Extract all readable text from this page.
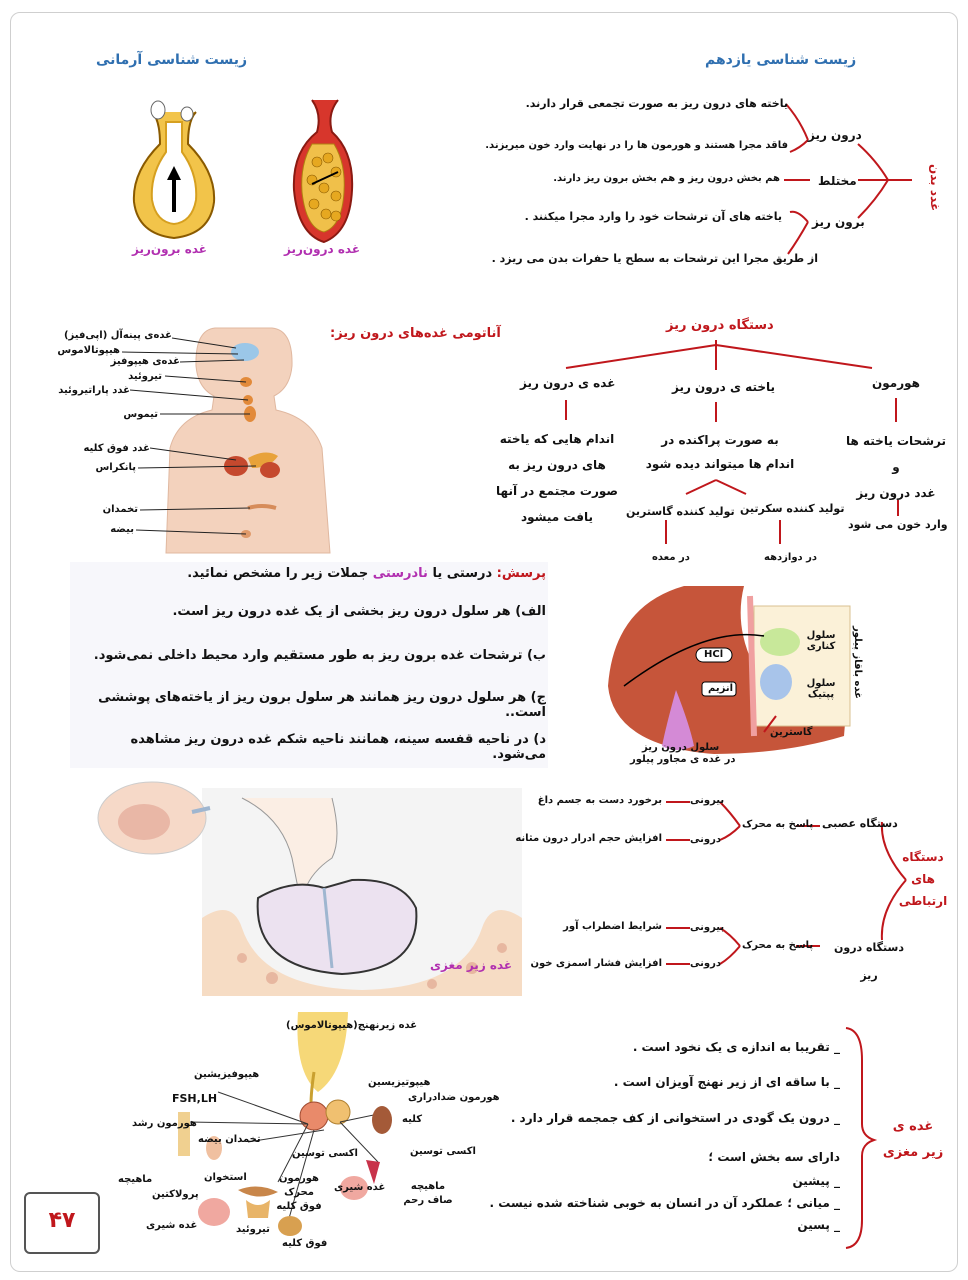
زیست شناسی یازدهم
زیست شناسی آرمانی
غده درون‌ریز
غده برون‌ریز
غدد بدن
درون ریز
مختلط
برون ریز
یاخته های درون ریز به صورت تجمعی قرار دارند.
فاقد مجرا هستند و هورمون ها را در نهایت وارد خون میریزند.
هم بخش درون ریز و هم بخش برون ریز دارند.
یاخته های آن ترشحات خود را وارد مجرا میکنند .
از طریق مجرا این ترشحات به سطح یا حفرات بدن می ریزد .
آناتومی غده‌های درون ریز:
غده‌ی پینه‌آل (اپی‌فیز)
هیپوتالاموس
غده‌ی هیپوفیز
تیروئید
غدد پاراتیروئید
تیموس
غدد فوق کلیه
پانکراس
تخمدان
بیضه
دستگاه درون ریز
غده ی درون ریز	یاخته ی درون ریز	هورمون
اندام هایی که یاخته
های درون ریز به
صورت مجتمع در آنها
یافت میشود
به صورت پراکنده در
اندام ها میتواند دیده شود
تولید کننده سکرتین
تولید کننده گاسترین
در دوازدهه
در معده
ترشحات یاخته ها
و
غدد درون ریز
وارد خون می شود
پرسش: درستی یا نادرستی جملات زیر را مشخص نمائید.
الف) هر سلول درون ریز بخشی از یک غده درون ریز است.
ب) ترشحات غده برون ریز به طور مستقیم وارد محیط داخلی نمی‌شود.
ج) هر سلول درون ریز همانند هر سلول برون ریز از یاخته‌های پوششی است..
د) در ناحیه قفسه سینه، همانند ناحیه شکم غده درون ریز مشاهده می‌شود.
HCl
آنزیم
سلول کناری
سلول پپتیک
گاسترین
غده باقاز پیلور
سلول درون ریز
در غده ی مجاور پیلور
غده زیر مغزی
دستگاه
های
ارتباطی
دستگاه عصبی
دستگاه درون
ریز
پاسخ به محرک
پاسخ به محرک
بیرونی
درونی
بیرونی
درونی
برخورد دست به جسم داغ
افزایش حجم ادرار درون مثانه
شرایط اضطراب آور
افزایش فشار اسمزی خون
غده زیرنهنج(هیپوتالاموس)
هیپوفیزیشین
FSH,LH
هورمون رشد
تخمدان بیضه
اکسی توسین
استخوان
ماهیچه
پرولاکتین
غده شیری	تیروئید
هورمون
محرک
فوق کلیه
فوق کلیه
غده شیری
هیپوتیزیسین
هورمون ضدادراری
کلیه
اکسی توسین
ماهیچه
صاف رحم
غده ی
زیر مغزی
_ تقریبا به اندازه ی یک نخود است .
_ با ساقه ای از زیر نهنج آویزان است .
_ درون یک گودی در استخوانی از کف جمجمه قرار دارد .
دارای سه بخش است ؛
_ پیشین
_ میانی ؛ عملکرد آن در انسان به خوبی شناخته شده نیست .
_ پسین
۴۷
